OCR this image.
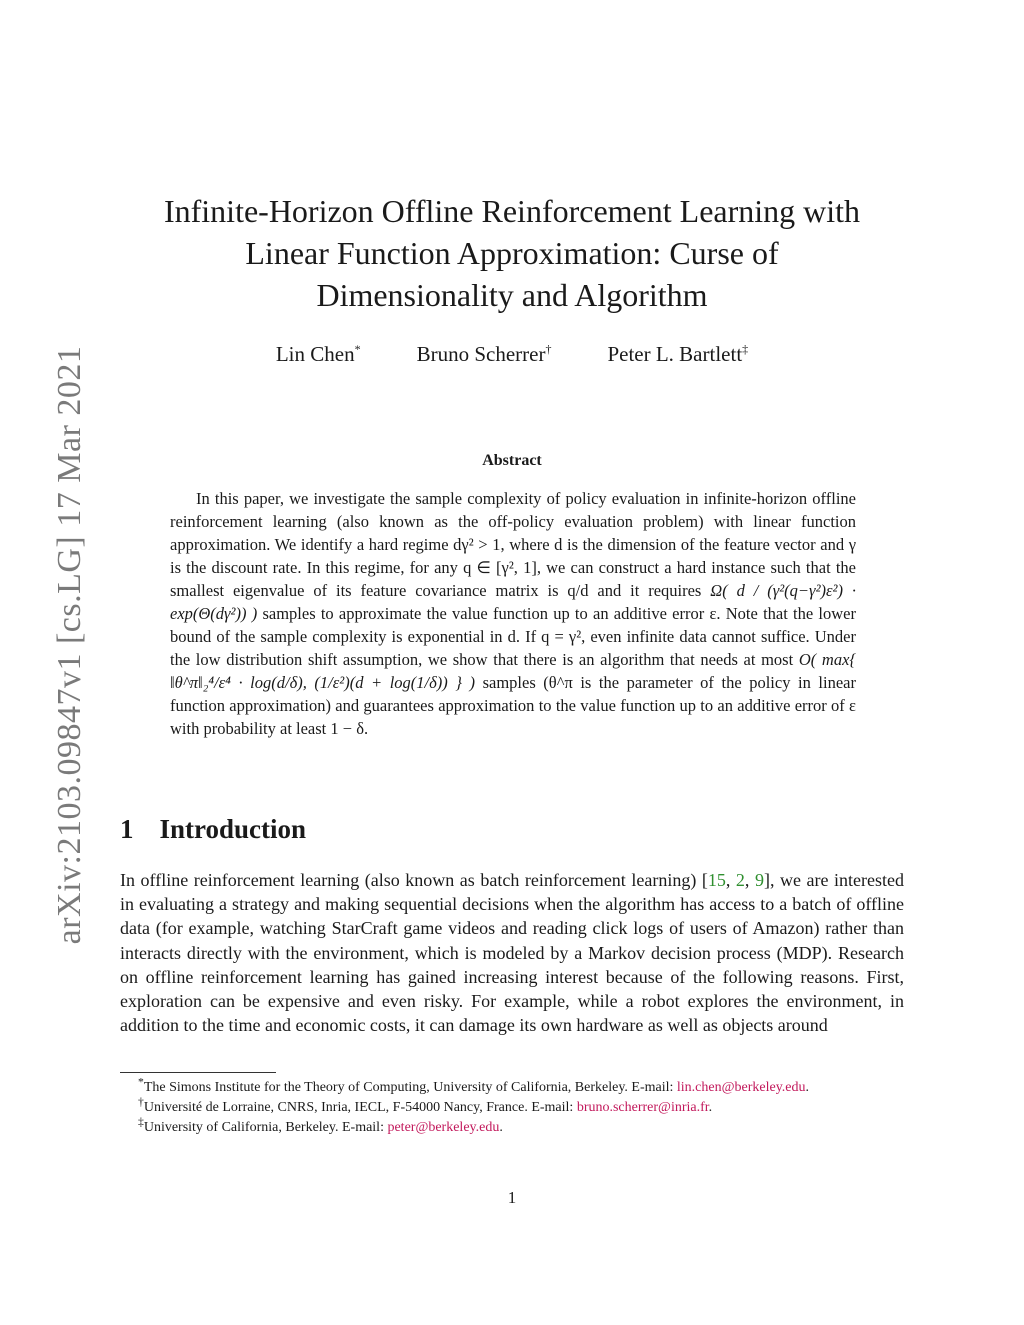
arXiv:2103.09847v1 [cs.LG] 17 Mar 2021
Infinite-Horizon Offline Reinforcement Learning with
Linear Function Approximation: Curse of
Dimensionality and Algorithm
Lin Chen*	Bruno Scherrer†	Peter L. Bartlett‡
Abstract

In this paper, we investigate the sample complexity of policy evaluation in infinite-horizon offline reinforcement learning (also known as the off-policy evaluation problem) with linear function approximation. We identify a hard regime dγ² > 1, where d is the dimension of the feature vector and γ is the discount rate. In this regime, for any q ∈ [γ², 1], we can construct a hard instance such that the smallest eigenvalue of its feature covariance matrix is q/d and it requires Ω( d / (γ²(q−γ²)ε²) · exp(Θ(dγ²)) ) samples to approximate the value function up to an additive error ε. Note that the lower bound of the sample complexity is exponential in d. If q = γ², even infinite data cannot suffice. Under the low distribution shift assumption, we show that there is an algorithm that needs at most O( max{ ‖θ^π‖₂⁴/ε⁴ · log(d/δ), (1/ε²)(d + log(1/δ)) } ) samples (θ^π is the parameter of the policy in linear function approximation) and guarantees approximation to the value function up to an additive error of ε with probability at least 1 − δ.

1 Introduction

In offline reinforcement learning (also known as batch reinforcement learning) [15, 2, 9], we are interested in evaluating a strategy and making sequential decisions when the algorithm has access to a batch of offline data (for example, watching StarCraft game videos and reading click logs of users of Amazon) rather than interacts directly with the environment, which is modeled by a Markov decision process (MDP). Research on offline reinforcement learning has gained increasing interest because of the following reasons. First, exploration can be expensive and even risky. For example, while a robot explores the environment, in addition to the time and economic costs, it can damage its own hardware as well as objects around

*The Simons Institute for the Theory of Computing, University of California, Berkeley. E-mail: lin.chen@berkeley.edu.

†Université de Lorraine, CNRS, Inria, IECL, F-54000 Nancy, France. E-mail: bruno.scherrer@inria.fr.

‡University of California, Berkeley. E-mail: peter@berkeley.edu.

1
